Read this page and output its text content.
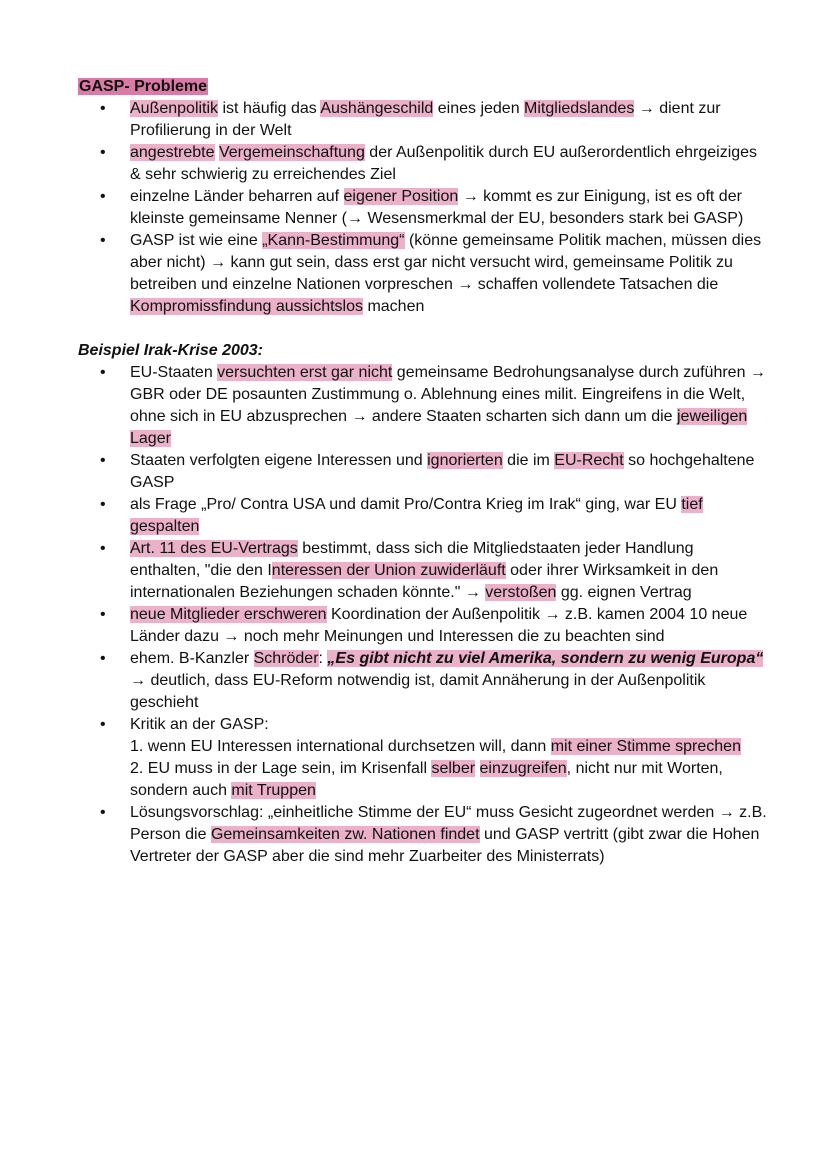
GASP- Probleme
• Außenpolitik ist häufig das Aushängeschild eines jeden Mitgliedslandes → dient zur Profilierung in der Welt
• angestrebte Vergemeinschaftung der Außenpolitik durch EU außerordentlich ehrgeiziges & sehr schwierig zu erreichendes Ziel
• einzelne Länder beharren auf eigener Position → kommt es zur Einigung, ist es oft der kleinste gemeinsame Nenner (→ Wesensmerkmal der EU, besonders stark bei GASP)
• GASP ist wie eine „Kann-Bestimmung“ (könne gemeinsame Politik machen, müssen dies aber nicht) → kann gut sein, dass erst gar nicht versucht wird, gemeinsame Politik zu betreiben und einzelne Nationen vorpreschen → schaffen vollendete Tatsachen die Kompromissfindung aussichtslos machen
Beispiel Irak-Krise 2003:
• EU-Staaten versuchten erst gar nicht gemeinsame Bedrohungsanalyse durch zuführen → GBR oder DE posaunten Zustimmung o. Ablehnung eines milit. Eingreifens in die Welt, ohne sich in EU abzusprechen → andere Staaten scharten sich dann um die jeweiligen Lager
• Staaten verfolgten eigene Interessen und ignorierten die im EU-Recht so hochgehaltene GASP
• als Frage „Pro/ Contra USA und damit Pro/Contra Krieg im Irak“ ging, war EU tief gespalten
• Art. 11 des EU-Vertrags bestimmt, dass sich die Mitgliedstaaten jeder Handlung enthalten, "die den Interessen der Union zuwiderläuft oder ihrer Wirksamkeit in den internationalen Beziehungen schaden könnte." → verstoßen gg. eignen Vertrag
• neue Mitglieder erschweren Koordination der Außenpolitik → z.B. kamen 2004 10 neue Länder dazu → noch mehr Meinungen und Interessen die zu beachten sind
• ehem. B-Kanzler Schröder: „Es gibt nicht zu viel Amerika, sondern zu wenig Europa“ → deutlich, dass EU-Reform notwendig ist, damit Annäherung in der Außenpolitik geschieht
• Kritik an der GASP:
1. wenn EU Interessen international durchsetzen will, dann mit einer Stimme sprechen
2. EU muss in der Lage sein, im Krisenfall selber einzugreifen, nicht nur mit Worten, sondern auch mit Truppen
• Lösungsvorschlag: „einheitliche Stimme der EU“ muss Gesicht zugeordnet werden → z.B. Person die Gemeinsamkeiten zw. Nationen findet und GASP vertritt (gibt zwar die Hohen Vertreter der GASP aber die sind mehr Zuarbeiter des Ministerrats)
